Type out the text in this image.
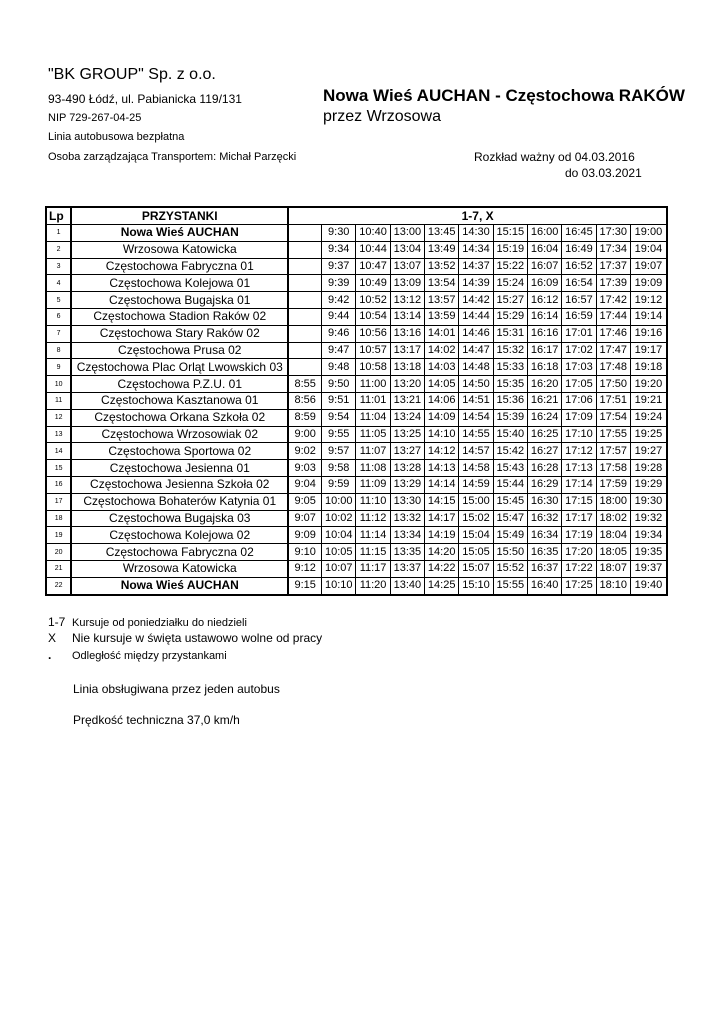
"BK GROUP" Sp. z o.o.
93-490 Łódź, ul. Pabianicka 119/131
NIP 729-267-04-25
Linia autobusowa bezpłatna
Osoba zarządzająca Transportem: Michał Parzęcki
Nowa Wieś AUCHAN - Częstochowa RAKÓW
przez Wrzosowa
Rozkład ważny od 04.03.2016
do 03.03.2021
Lp	PRZYSTANKI	1-7, X										
1	Nowa Wieś AUCHAN		9:30	10:40	13:00	13:45	14:30	15:15	16:00	16:45	17:30	19:00
2	Wrzosowa Katowicka		9:34	10:44	13:04	13:49	14:34	15:19	16:04	16:49	17:34	19:04
3	Częstochowa Fabryczna 01		9:37	10:47	13:07	13:52	14:37	15:22	16:07	16:52	17:37	19:07
4	Częstochowa Kolejowa 01		9:39	10:49	13:09	13:54	14:39	15:24	16:09	16:54	17:39	19:09
5	Częstochowa Bugajska 01		9:42	10:52	13:12	13:57	14:42	15:27	16:12	16:57	17:42	19:12
6	Częstochowa Stadion Raków 02		9:44	10:54	13:14	13:59	14:44	15:29	16:14	16:59	17:44	19:14
7	Częstochowa Stary Raków 02		9:46	10:56	13:16	14:01	14:46	15:31	16:16	17:01	17:46	19:16
8	Częstochowa Prusa 02		9:47	10:57	13:17	14:02	14:47	15:32	16:17	17:02	17:47	19:17
9	Częstochowa Plac Orląt Lwowskich 03		9:48	10:58	13:18	14:03	14:48	15:33	16:18	17:03	17:48	19:18
10	Częstochowa P.Z.U. 01	8:55	9:50	11:00	13:20	14:05	14:50	15:35	16:20	17:05	17:50	19:20
11	Częstochowa Kasztanowa 01	8:56	9:51	11:01	13:21	14:06	14:51	15:36	16:21	17:06	17:51	19:21
12	Częstochowa Orkana Szkoła 02	8:59	9:54	11:04	13:24	14:09	14:54	15:39	16:24	17:09	17:54	19:24
13	Częstochowa Wrzosowiak 02	9:00	9:55	11:05	13:25	14:10	14:55	15:40	16:25	17:10	17:55	19:25
14	Częstochowa Sportowa 02	9:02	9:57	11:07	13:27	14:12	14:57	15:42	16:27	17:12	17:57	19:27
15	Częstochowa Jesienna 01	9:03	9:58	11:08	13:28	14:13	14:58	15:43	16:28	17:13	17:58	19:28
16	Częstochowa Jesienna Szkoła 02	9:04	9:59	11:09	13:29	14:14	14:59	15:44	16:29	17:14	17:59	19:29
17	Częstochowa Bohaterów Katynia 01	9:05	10:00	11:10	13:30	14:15	15:00	15:45	16:30	17:15	18:00	19:30
18	Częstochowa Bugajska 03	9:07	10:02	11:12	13:32	14:17	15:02	15:47	16:32	17:17	18:02	19:32
19	Częstochowa Kolejowa 02	9:09	10:04	11:14	13:34	14:19	15:04	15:49	16:34	17:19	18:04	19:34
20	Częstochowa Fabryczna 02	9:10	10:05	11:15	13:35	14:20	15:05	15:50	16:35	17:20	18:05	19:35
21	Wrzosowa Katowicka	9:12	10:07	11:17	13:37	14:22	15:07	15:52	16:37	17:22	18:07	19:37
22	Nowa Wieś AUCHAN	9:15	10:10	11:20	13:40	14:25	15:10	15:55	16:40	17:25	18:10	19:40
1-7 Kursuje od poniedziałku do niedzieli
X Nie kursuje w święta ustawowo wolne od pracy
. Odległość między przystankami
Linia obsługiwana przez jeden autobus
Prędkość techniczna 37,0 km/h
